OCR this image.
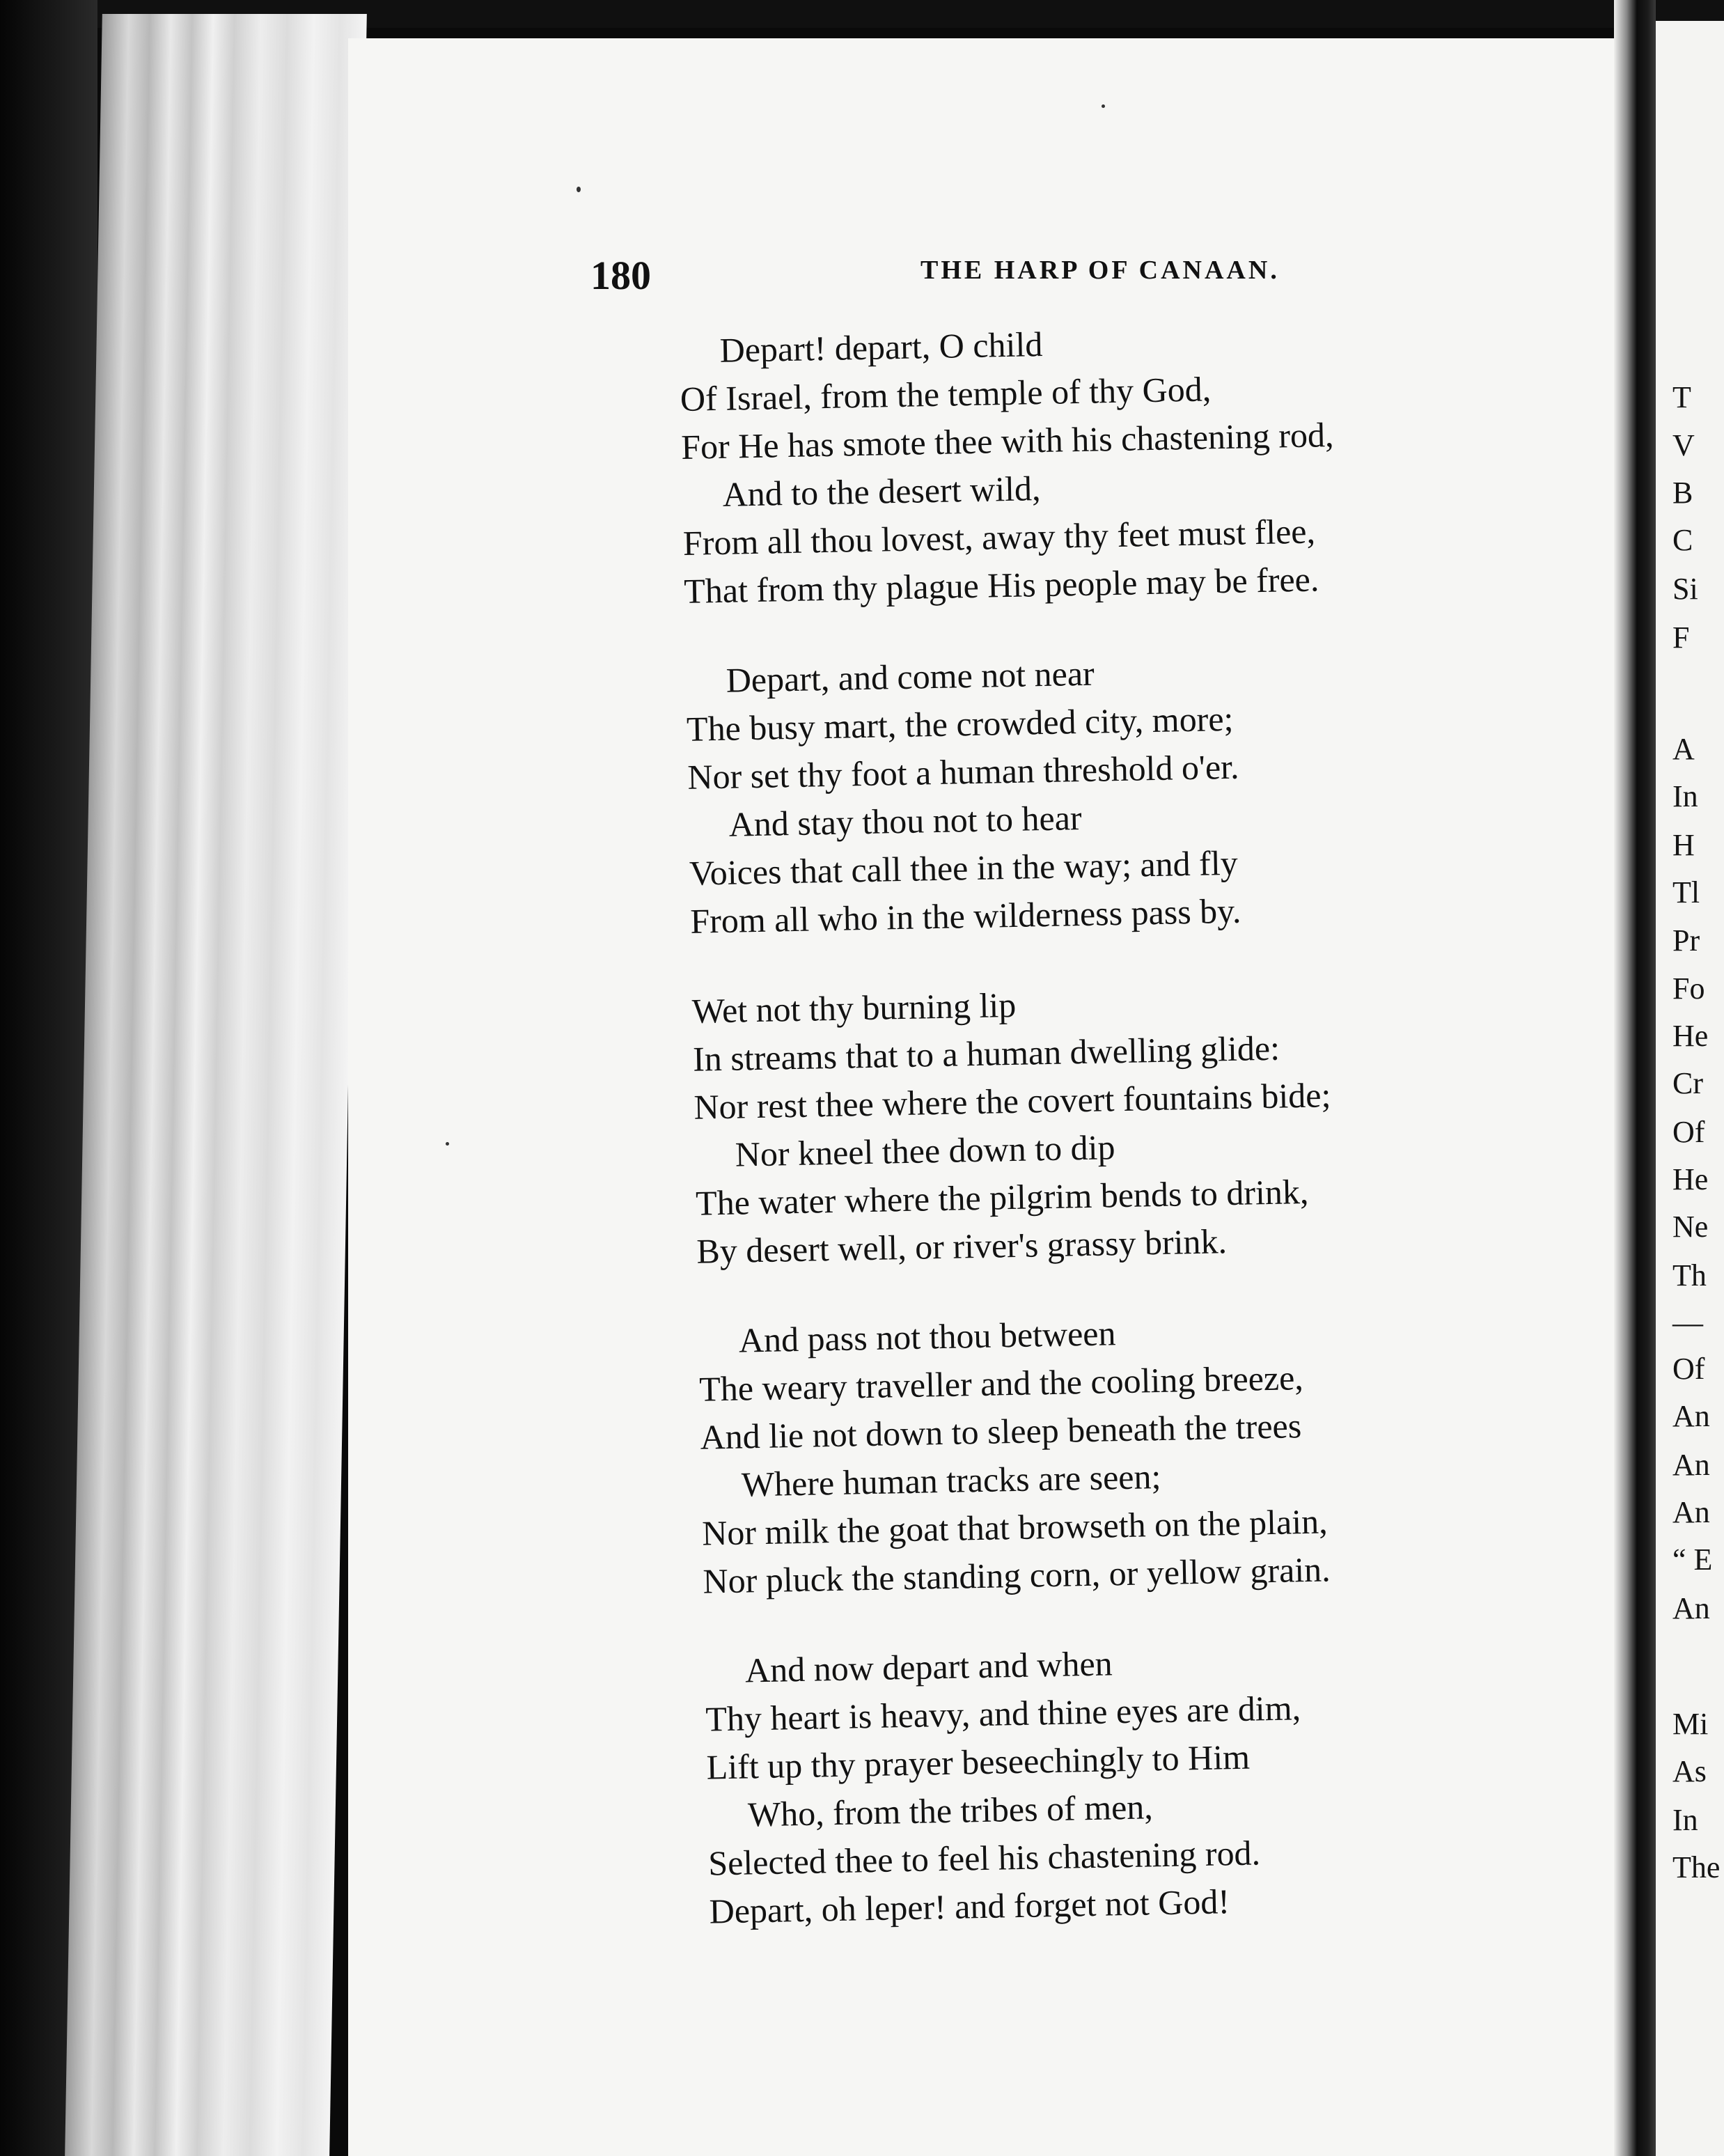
180	THE HARP OF CANAAN.
Depart! depart, O child
Of Israel, from the temple of thy God,
For He has smote thee with his chastening rod,
And to the desert wild,
From all thou lovest, away thy feet must flee,
That from thy plague His people may be free.
Depart, and come not near
The busy mart, the crowded city, more;
Nor set thy foot a human threshold o'er.
And stay thou not to hear
Voices that call thee in the way; and fly
From all who in the wilderness pass by.
Wet not thy burning lip
In streams that to a human dwelling glide:
Nor rest thee where the covert fountains bide;
Nor kneel thee down to dip
The water where the pilgrim bends to drink,
By desert well, or river's grassy brink.
And pass not thou between
The weary traveller and the cooling breeze,
And lie not down to sleep beneath the trees
Where human tracks are seen;
Nor milk the goat that browseth on the plain,
Nor pluck the standing corn, or yellow grain.
And now depart and when
Thy heart is heavy, and thine eyes are dim,
Lift up thy prayer beseechingly to Him
Who, from the tribes of men,
Selected thee to feel his chastening rod.
Depart, oh leper! and forget not God!
T
V
B
C
Si
F
A
In
H
Tl
Pr
Fo
He
Cr
Of
He
Ne
Th
—
Of
An
An
An
“ E
An
Mi
As
In
The
